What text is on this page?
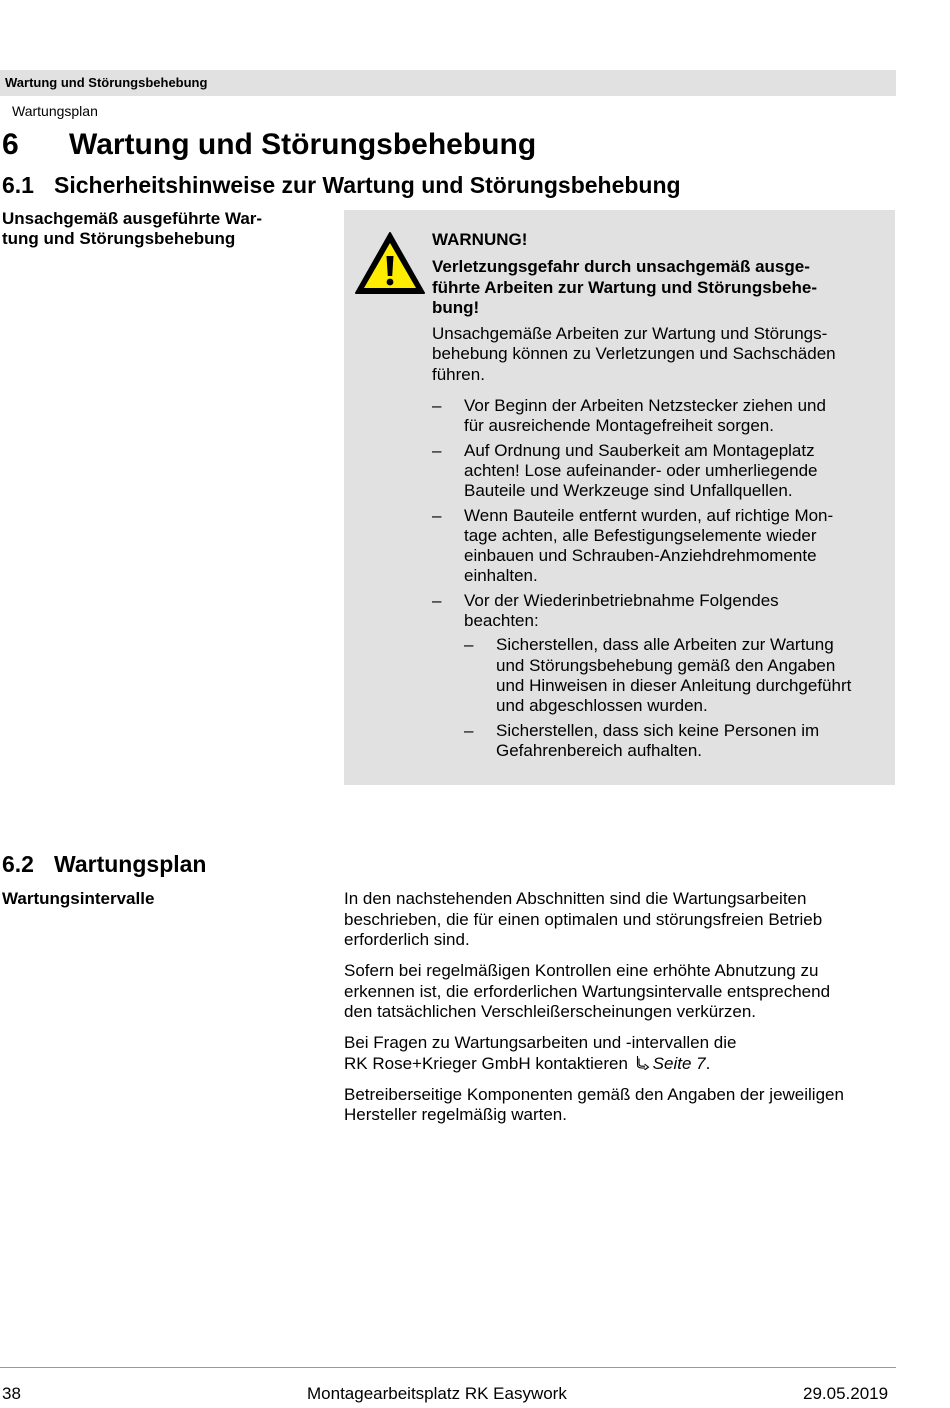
Wartung und Störungsbehebung
Wartungsplan
6 Wartung und Störungsbehebung
6.1 Sicherheitshinweise zur Wartung und Störungsbehebung
Unsachgemäß ausgeführte War-
tung und Störungsbehebung	WARNUNG!
Verletzungsgefahr durch unsachgemäß ausge-
führte Arbeiten zur Wartung und Störungsbehe-
bung!
Unsachgemäße Arbeiten zur Wartung und Störungs-
behebung können zu Verletzungen und Sachschäden
führen.
– Vor Beginn der Arbeiten Netzstecker ziehen und
für ausreichende Montagefreiheit sorgen.
– Auf Ordnung und Sauberkeit am Montageplatz
achten! Lose aufeinander- oder umherliegende
Bauteile und Werkzeuge sind Unfallquellen.
– Wenn Bauteile entfernt wurden, auf richtige Mon-
tage achten, alle Befestigungselemente wieder
einbauen und Schrauben-Anziehdrehmomente
einhalten.
– Vor der Wiederinbetriebnahme Folgendes
beachten:
– Sicherstellen, dass alle Arbeiten zur Wartung
und Störungsbehebung gemäß den Angaben
und Hinweisen in dieser Anleitung durchgeführt
und abgeschlossen wurden.
– Sicherstellen, dass sich keine Personen im
Gefahrenbereich aufhalten.
6.2 Wartungsplan
Wartungsintervalle	In den nachstehenden Abschnitten sind die Wartungsarbeiten
beschrieben, die für einen optimalen und störungsfreien Betrieb
erforderlich sind.

Sofern bei regelmäßigen Kontrollen eine erhöhte Abnutzung zu
erkennen ist, die erforderlichen Wartungsintervalle entsprechend
den tatsächlichen Verschleißerscheinungen verkürzen.

Bei Fragen zu Wartungsarbeiten und -intervallen die
RK Rose+Krieger GmbH kontaktieren Seite 7.

Betreiberseitige Komponenten gemäß den Angaben der jeweiligen
Hersteller regelmäßig warten.

38	Montagearbeitsplatz RK Easywork	29.05.2019
